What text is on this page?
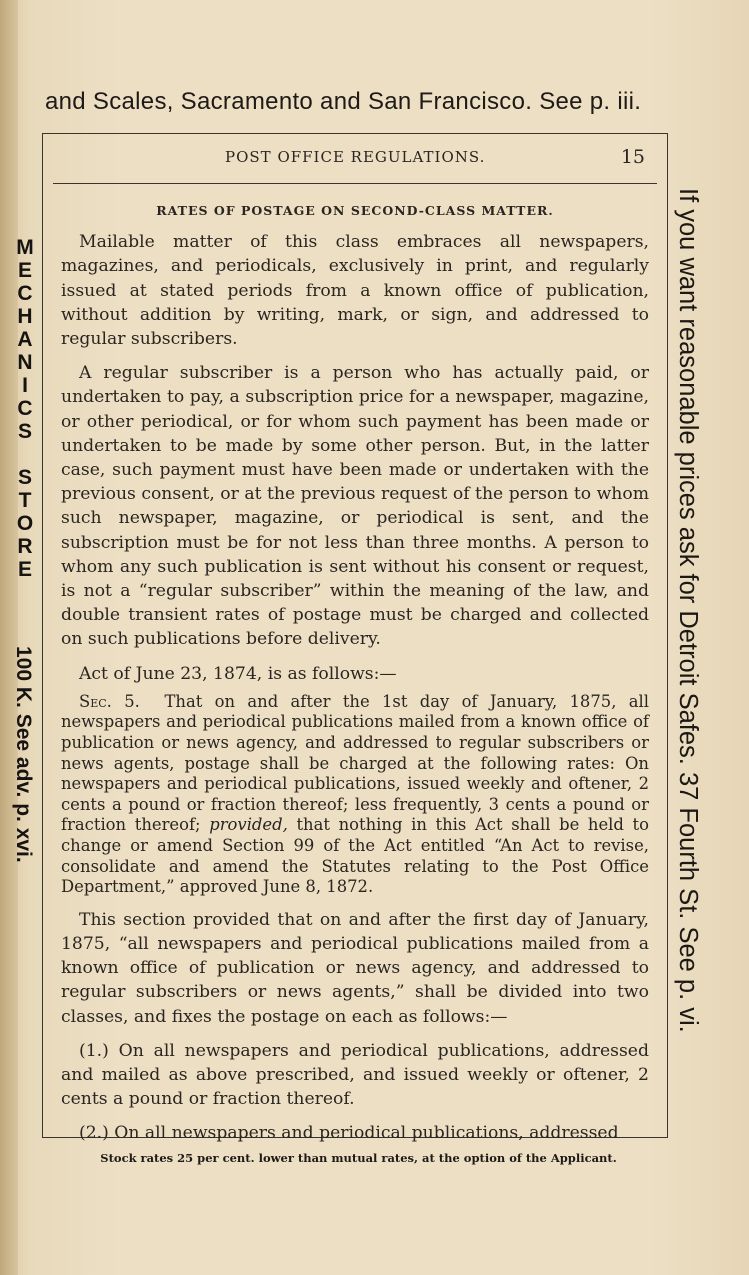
and Scales, Sacramento and San Francisco. See p. iii.
POST OFFICE REGULATIONS.	15

RATES OF POSTAGE ON SECOND-CLASS MATTER.

Mailable matter of this class embraces all newspapers, magazines, and periodicals, exclusively in print, and regularly issued at stated periods from a known office of publication, without addition by writing, mark, or sign, and addressed to regular subscribers.

A regular subscriber is a person who has actually paid, or undertaken to pay, a subscription price for a newspaper, magazine, or other periodical, or for whom such payment has been made or undertaken to be made by some other person. But, in the latter case, such payment must have been made or undertaken with the previous consent, or at the previous request of the person to whom such newspaper, magazine, or periodical is sent, and the subscription must be for not less than three months. A person to whom any such publication is sent without his consent or request, is not a “regular subscriber” within the meaning of the law, and double transient rates of postage must be charged and collected on such publications before delivery.

Act of June 23, 1874, is as follows:—

Sec. 5. That on and after the 1st day of January, 1875, all newspapers and periodical publications mailed from a known office of publication or news agency, and addressed to regular subscribers or news agents, postage shall be charged at the following rates: On newspapers and periodical publications, issued weekly and oftener, 2 cents a pound or fraction thereof; less frequently, 3 cents a pound or fraction thereof; provided, that nothing in this Act shall be held to change or amend Section 99 of the Act entitled “An Act to revise, consolidate and amend the Statutes relating to the Post Office Department,” approved June 8, 1872.

This section provided that on and after the first day of January, 1875, “all newspapers and periodical publications mailed from a known office of publication or news agency, and addressed to regular subscribers or news agents,” shall be divided into two classes, and fixes the postage on each as follows:—

(1.) On all newspapers and periodical publications, addressed and mailed as above prescribed, and issued weekly or oftener, 2 cents a pound or fraction thereof.

(2.) On all newspapers and periodical publications, addressed

Stock rates 25 per cent. lower than mutual rates, at the option of the Applicant.
If you want reasonable prices ask for Detroit Safes. 37 Fourth St. See p. vi.
M
E
C
H
A
N
I
C
S

S
T
O
R
E
100 K. See adv. p. xvi.
